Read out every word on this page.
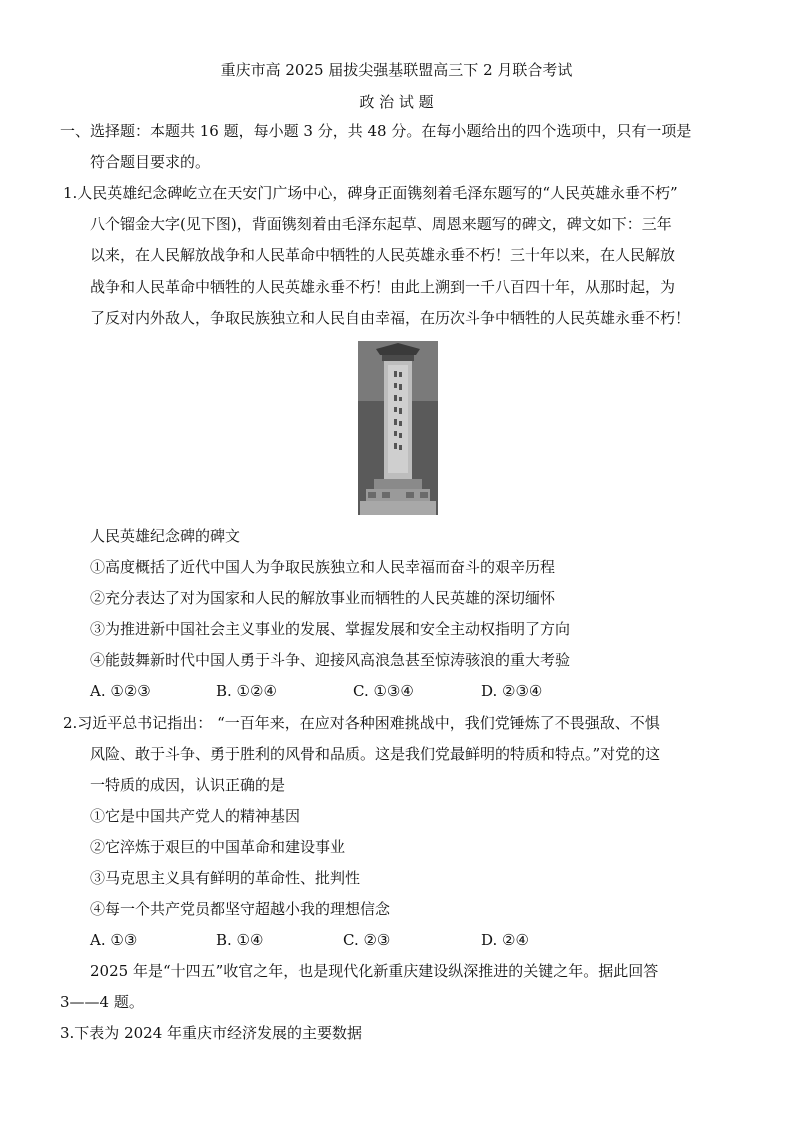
重庆市高 2025 届拔尖强基联盟高三下 2 月联合考试
政 治 试 题
一、选择题：本题共 16 题，每小题 3 分，共 48 分。在每小题给出的四个选项中，只有一项是
符合题目要求的。
1.人民英雄纪念碑屹立在天安门广场中心，碑身正面镌刻着毛泽东题写的“人民英雄永垂不朽”
八个镏金大字(见下图)，背面镌刻着由毛泽东起草、周恩来题写的碑文，碑文如下：三年
以来，在人民解放战争和人民革命中牺牲的人民英雄永垂不朽！三十年以来，在人民解放
战争和人民革命中牺牲的人民英雄永垂不朽！由此上溯到一千八百四十年，从那时起，为
了反对内外敌人，争取民族独立和人民自由幸福，在历次斗争中牺牲的人民英雄永垂不朽！
人民英雄纪念碑的碑文
①高度概括了近代中国人为争取民族独立和人民幸福而奋斗的艰辛历程
②充分表达了对为国家和人民的解放事业而牺牲的人民英雄的深切缅怀
③为推进新中国社会主义事业的发展、掌握发展和安全主动权指明了方向
④能鼓舞新时代中国人勇于斗争、迎接风高浪急甚至惊涛骇浪的重大考验
A. ①②③	B. ①②④	C. ①③④	D. ②③④
2.习近平总书记指出： “一百年来，在应对各种困难挑战中，我们党锤炼了不畏强敌、不惧
风险、敢于斗争、勇于胜利的风骨和品质。这是我们党最鲜明的特质和特点。”对党的这
一特质的成因，认识正确的是
①它是中国共产党人的精神基因
②它淬炼于艰巨的中国革命和建设事业
③马克思主义具有鲜明的革命性、批判性
④每一个共产党员都坚守超越小我的理想信念
A. ①③	B. ①④	C. ②③	D. ②④
2025 年是“十四五”收官之年，也是现代化新重庆建设纵深推进的关键之年。据此回答
3——4 题。
3.下表为 2024 年重庆市经济发展的主要数据
